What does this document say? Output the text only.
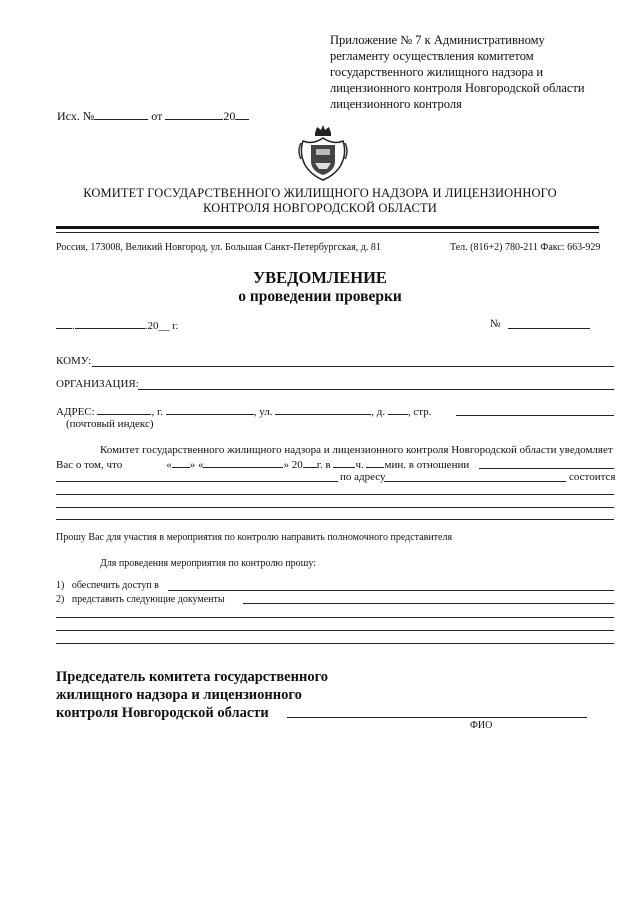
Приложение № 7 к Административному регламенту осуществления комитетом государственного жилищного надзора и лицензионного контроля Новгородской области лицензионного контроля
Исх. №	от	20
КОМИТЕТ ГОСУДАРСТВЕННОГО ЖИЛИЩНОГО НАДЗОРА И ЛИЦЕНЗИОННОГО
КОНТРОЛЯ НОВГОРОДСКОЙ ОБЛАСТИ
Россия, 173008, Великий Новгород, ул. Большая Санкт-Петербургская, д. 81	Тел. (816+2) 780-211 Факс: 663-929
УВЕДОМЛЕНИЕ
о проведении проверки
.	.20__ г.	№
КОМУ:
ОРГАНИЗАЦИЯ:
АДРЕС:	, г.	, ул.	, д. , стр.
(почтовый индекс)
Комитет государственного жилищного надзора и лицензионного контроля Новгородской области уведомляет
Вас о том, что	« » «	» 20 г. в ч. мин. в отношении
по адресу	состоится
Прошу Вас для участия в мероприятия по контролю направить полномочного представителя
Для проведения мероприятия по контролю прошу:
1) обеспечить доступ в
2) представить следующие документы
Председатель комитета государственного
жилищного надзора и лицензионного
контроля Новгородской области
ФИО
